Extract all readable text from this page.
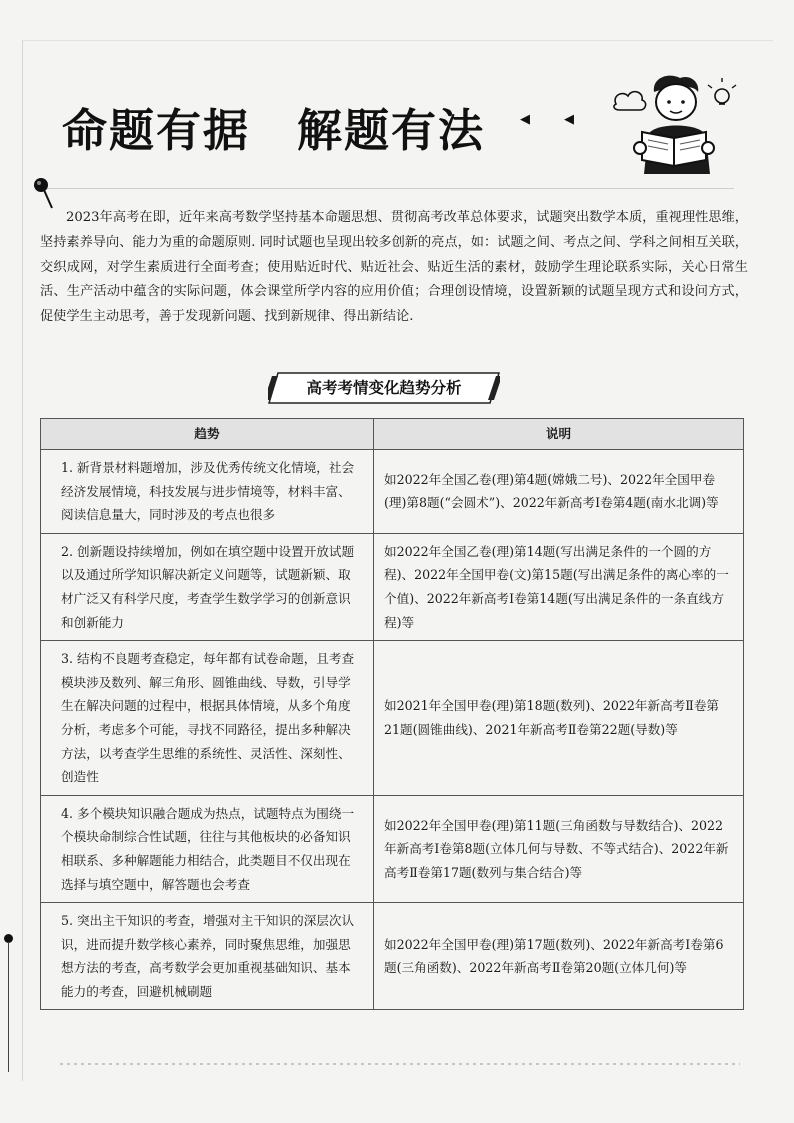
命题有据　解题有法	◀◀
2023年高考在即，近年来高考数学坚持基本命题思想、贯彻高考改革总体要求，试题突出数学本质，重视理性思维，坚持素养导向、能力为重的命题原则. 同时试题也呈现出较多创新的亮点，如：试题之间、考点之间、学科之间相互关联，交织成网，对学生素质进行全面考查；使用贴近时代、贴近社会、贴近生活的素材，鼓励学生理论联系实际，关心日常生活、生产活动中蕴含的实际问题，体会课堂所学内容的应用价值；合理创设情境，设置新颖的试题呈现方式和设问方式，促使学生主动思考，善于发现新问题、找到新规律、得出新结论.
高考考情变化趋势分析
趋势	说明
1. 新背景材料题增加，涉及优秀传统文化情境，社会经济发展情境，科技发展与进步情境等，材料丰富、阅读信息量大，同时涉及的考点也很多	如2022年全国乙卷(理)第4题(嫦娥二号)、2022年全国甲卷(理)第8题(“会圆术”)、2022年新高考Ⅰ卷第4题(南水北调)等
2. 创新题设持续增加，例如在填空题中设置开放试题以及通过所学知识解决新定义问题等，试题新颖、取材广泛又有科学尺度，考查学生数学学习的创新意识和创新能力	如2022年全国乙卷(理)第14题(写出满足条件的一个圆的方程)、2022年全国甲卷(文)第15题(写出满足条件的离心率的一个值)、2022年新高考Ⅰ卷第14题(写出满足条件的一条直线方程)等
3. 结构不良题考查稳定，每年都有试卷命题，且考查模块涉及数列、解三角形、圆锥曲线、导数，引导学生在解决问题的过程中，根据具体情境，从多个角度分析，考虑多个可能，寻找不同路径，提出多种解决方法，以考查学生思维的系统性、灵活性、深刻性、创造性	如2021年全国甲卷(理)第18题(数列)、2022年新高考Ⅱ卷第21题(圆锥曲线)、2021年新高考Ⅱ卷第22题(导数)等
4. 多个模块知识融合题成为热点，试题特点为围绕一个模块命制综合性试题，往往与其他板块的必备知识相联系、多种解题能力相结合，此类题目不仅出现在选择与填空题中，解答题也会考查	如2022年全国甲卷(理)第11题(三角函数与导数结合)、2022年新高考Ⅰ卷第8题(立体几何与导数、不等式结合)、2022年新高考Ⅱ卷第17题(数列与集合结合)等
5. 突出主干知识的考查，增强对主干知识的深层次认识，进而提升数学核心素养，同时聚焦思维，加强思想方法的考查，高考数学会更加重视基础知识、基本能力的考查，回避机械刷题	如2022年全国甲卷(理)第17题(数列)、2022年新高考Ⅰ卷第6题(三角函数)、2022年新高考Ⅱ卷第20题(立体几何)等
